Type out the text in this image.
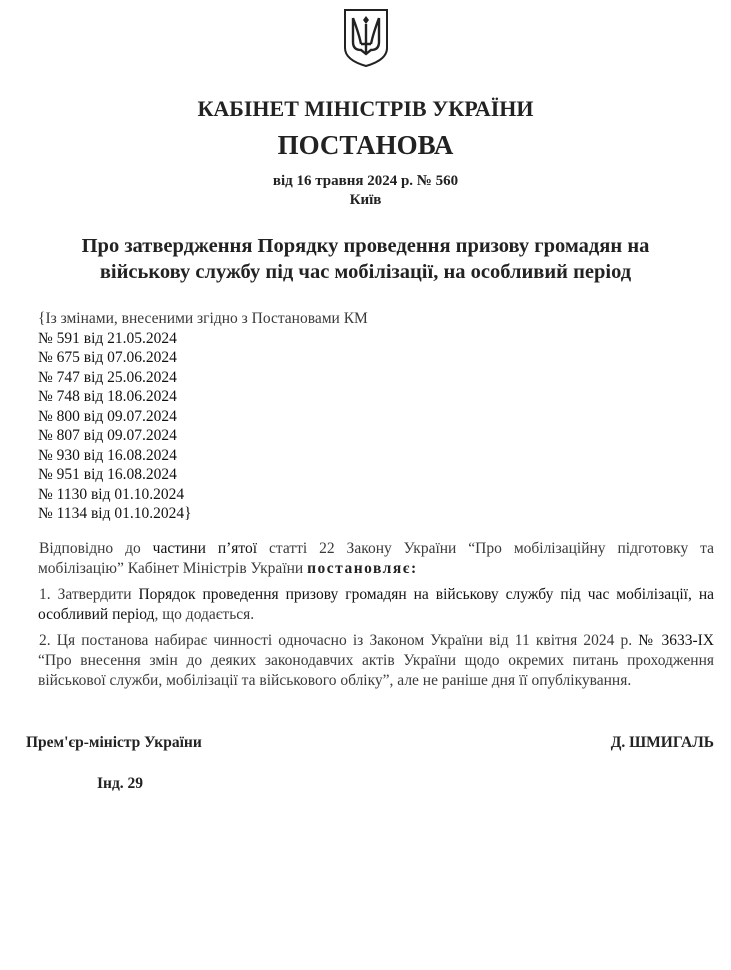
КАБІНЕТ МІНІСТРІВ УКРАЇНИ
ПОСТАНОВА
від 16 травня 2024 р. № 560
Київ
Про затвердження Порядку проведення призову громадян на військову службу під час мобілізації, на особливий період
{Із змінами, внесеними згідно з Постановами КМ
№ 591 від 21.05.2024
№ 675 від 07.06.2024
№ 747 від 25.06.2024
№ 748 від 18.06.2024
№ 800 від 09.07.2024
№ 807 від 09.07.2024
№ 930 від 16.08.2024
№ 951 від 16.08.2024
№ 1130 від 01.10.2024
№ 1134 від 01.10.2024}
Відповідно до частини п’ятої статті 22 Закону України “Про мобілізаційну підготовку та мобілізацію” Кабінет Міністрів України постановляє:
1. Затвердити Порядок проведення призову громадян на військову службу під час мобілізації, на особливий період, що додається.
2. Ця постанова набирає чинності одночасно із Законом України від 11 квітня 2024 р. № 3633-IX “Про внесення змін до деяких законодавчих актів України щодо окремих питань проходження військової служби, мобілізації та військового обліку”, але не раніше дня її опублікування.
Прем'єр-міністр України	Д. ШМИГАЛЬ
Інд. 29
